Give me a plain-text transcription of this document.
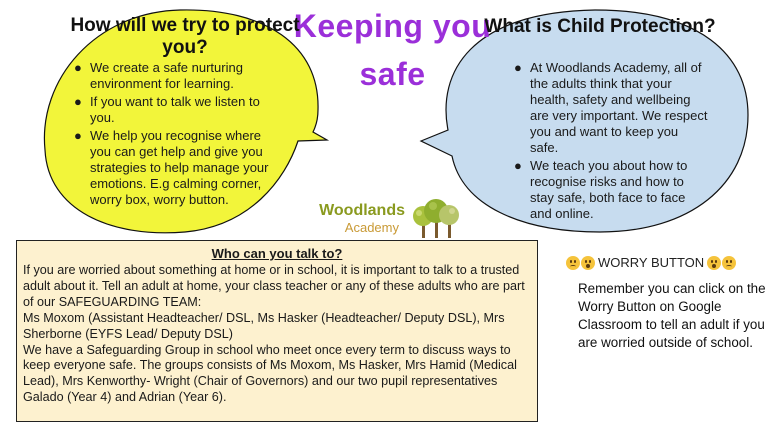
Keeping you safe
How will we try to protect you?
● We create a safe nurturing environment for learning.
● If you want to talk we listen to you.
● We help you recognise where you can get help and give you strategies to help manage your emotions. E.g calming corner, worry box, worry button.
What is Child Protection?
● At Woodlands Academy, all of the adults think that your health, safety and wellbeing are very important. We respect you and want to keep you safe.
● We teach you about how to recognise risks and how to stay safe, both face to face and online.
Woodlands
Academy
Who can you talk to?
If you are worried about something at home or in school, it is important to talk to a trusted adult about it. Tell an adult at home, your class teacher or any of these adults who are part of our SAFEGUARDING TEAM:
Ms Moxom (Assistant Headteacher/ DSL, Ms Hasker (Headteacher/ Deputy DSL), Mrs Sherborne (EYFS Lead/ Deputy DSL)
We have a Safeguarding Group in school who meet once every term to discuss ways to keep everyone safe. The groups consists of Ms Moxom, Ms Hasker, Mrs Hamid (Medical Lead), Mrs Kenworthy- Wright (Chair of Governors) and our two pupil representatives Galado (Year 4) and Adrian (Year 6).
WORRY BUTTON
Remember you can click on the Worry Button on Google Classroom to tell an adult if you are worried outside of school.
